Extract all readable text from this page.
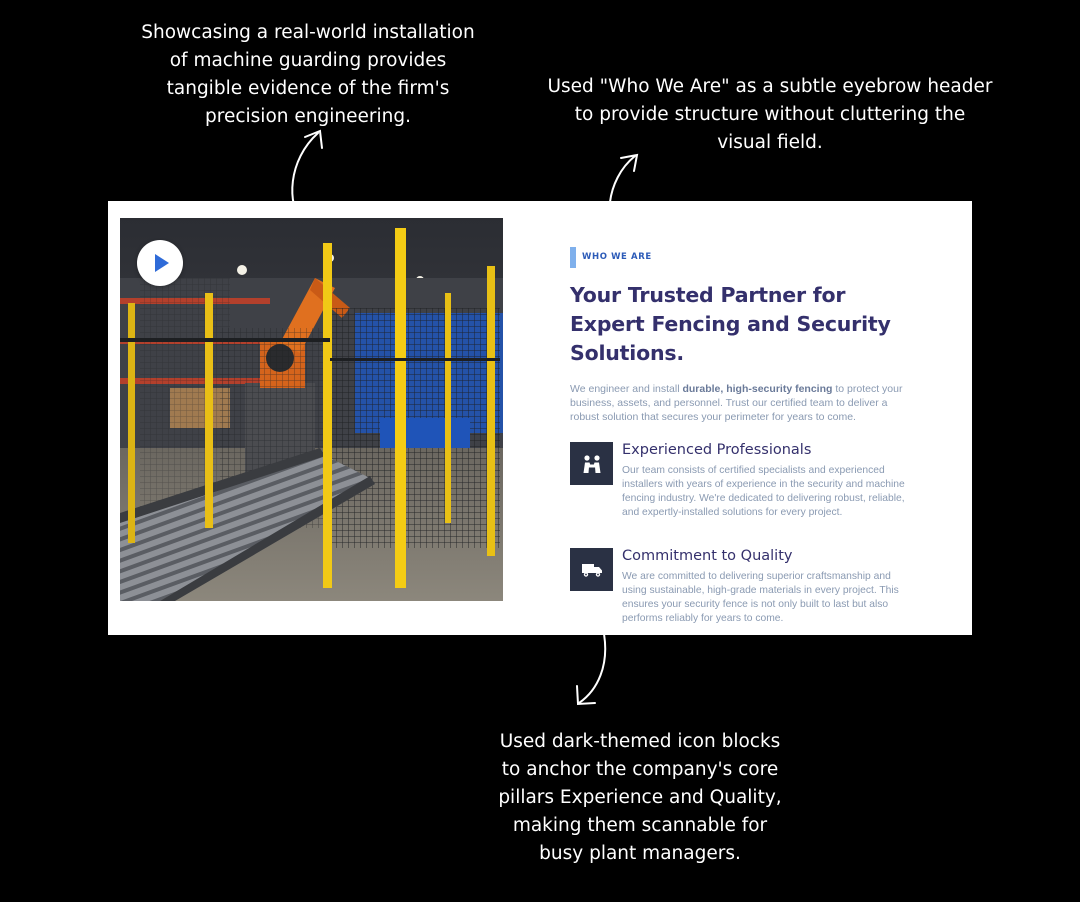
Showcasing a real-world installation
of machine guarding provides
tangible evidence of the firm's
precision engineering.
Used "Who We Are" as a subtle eyebrow header
to provide structure without cluttering the
visual field.
Used dark-themed icon blocks
to anchor the company's core
pillars Experience and Quality,
making them scannable for
busy plant managers.
WHO WE ARE
Your Trusted Partner for Expert Fencing and Security Solutions.

We engineer and install durable, high-security fencing to protect your business, assets, and personnel. Trust our certified team to deliver a robust solution that secures your perimeter for years to come.

Experienced Professionals
Our team consists of certified specialists and experienced installers with years of experience in the security and machine fencing industry. We're dedicated to delivering robust, reliable, and expertly-installed solutions for every project.
Commitment to Quality
We are committed to delivering superior craftsmanship and using sustainable, high-grade materials in every project. This ensures your security fence is not only built to last but also performs reliably for years to come.
